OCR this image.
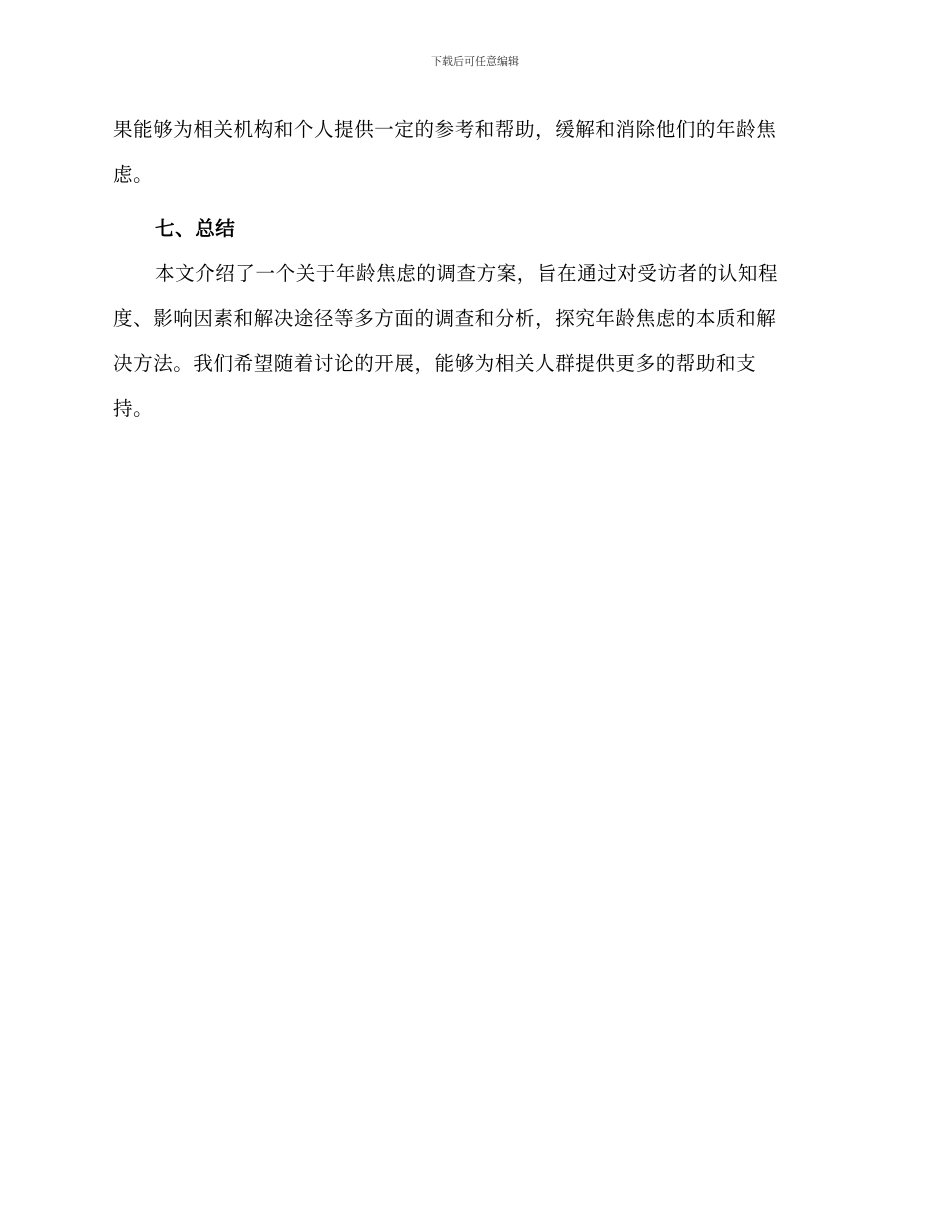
下载后可任意编辑

果能够为相关机构和个人提供一定的参考和帮助，缓解和消除他们的年龄焦
虑。

七、总结

本文介绍了一个关于年龄焦虑的调查方案，旨在通过对受访者的认知程
度、影响因素和解决途径等多方面的调查和分析，探究年龄焦虑的本质和解
决方法。我们希望随着讨论的开展，能够为相关人群提供更多的帮助和支
持。
